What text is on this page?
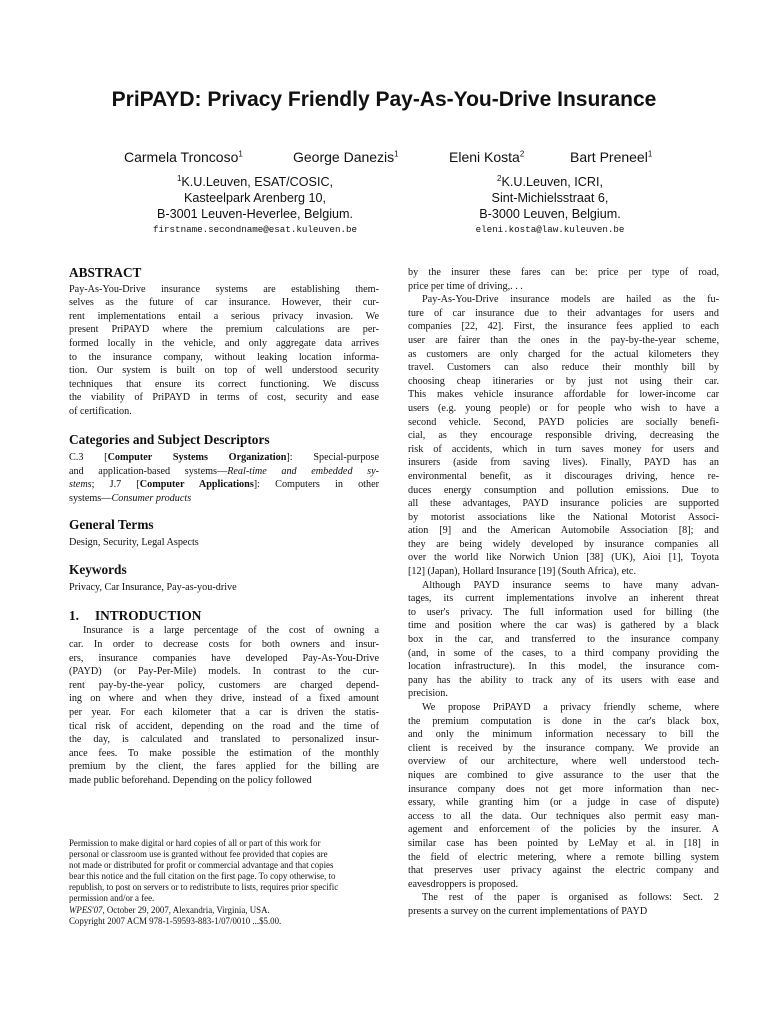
PriPAYD: Privacy Friendly Pay-As-You-Drive Insurance
Carmela Troncoso$^1$	George Danezis$^1$	Eleni Kosta$^2$	Bart Preneel$^1$
$^1$K.U.Leuven, ESAT/COSIC,
Kasteelpark Arenberg 10,
B-3001 Leuven-Heverlee, Belgium.
firstname.secondname@esat.kuleuven.be
$^2$K.U.Leuven, ICRI,
Sint-Michielsstraat 6,
B-3000 Leuven, Belgium.
eleni.kosta@law.kuleuven.be
ABSTRACT
Pay-As-You-Drive insurance systems are establishing them-
selves as the future of car insurance. However, their cur-
rent implementations entail a serious privacy invasion. We
present PriPAYD where the premium calculations are per-
formed locally in the vehicle, and only aggregate data arrives
to the insurance company, without leaking location informa-
tion. Our system is built on top of well understood security
techniques that ensure its correct functioning. We discuss
the viability of PriPAYD in terms of cost, security and ease
of certification.
Categories and Subject Descriptors
C.3 [Computer Systems Organization]: Special-purpose
and application-based systems—Real-time and embedded sy-
stems; J.7 [Computer Applications]: Computers in other
systems—Consumer products
General Terms
Design, Security, Legal Aspects
Keywords
Privacy, Car Insurance, Pay-as-you-drive
1. INTRODUCTION
Insurance is a large percentage of the cost of owning a
car. In order to decrease costs for both owners and insur-
ers, insurance companies have developed Pay-As-You-Drive
(PAYD) (or Pay-Per-Mile) models. In contrast to the cur-
rent pay-by-the-year policy, customers are charged depend-
ing on where and when they drive, instead of a fixed amount
per year. For each kilometer that a car is driven the statis-
tical risk of accident, depending on the road and the time of
the day, is calculated and translated to personalized insur-
ance fees. To make possible the estimation of the monthly
premium by the client, the fares applied for the billing are
made public beforehand. Depending on the policy followed
Permission to make digital or hard copies of all or part of this work for
personal or classroom use is granted without fee provided that copies are
not made or distributed for profit or commercial advantage and that copies
bear this notice and the full citation on the first page. To copy otherwise, to
republish, to post on servers or to redistribute to lists, requires prior specific
permission and/or a fee.
WPES'07, October 29, 2007, Alexandria, Virginia, USA.
Copyright 2007 ACM 978-1-59593-883-1/07/0010 ...$5.00.
by the insurer these fares can be: price per type of road,
price per time of driving,. . .
Pay-As-You-Drive insurance models are hailed as the fu-
ture of car insurance due to their advantages for users and
companies [22, 42]. First, the insurance fees applied to each
user are fairer than the ones in the pay-by-the-year scheme,
as customers are only charged for the actual kilometers they
travel. Customers can also reduce their monthly bill by
choosing cheap itineraries or by just not using their car.
This makes vehicle insurance affordable for lower-income car
users (e.g. young people) or for people who wish to have a
second vehicle. Second, PAYD policies are socially benefi-
cial, as they encourage responsible driving, decreasing the
risk of accidents, which in turn saves money for users and
insurers (aside from saving lives). Finally, PAYD has an
environmental benefit, as it discourages driving, hence re-
duces energy consumption and pollution emissions. Due to
all these advantages, PAYD insurance policies are supported
by motorist associations like the National Motorist Associ-
ation [9] and the American Automobile Association [8]; and
they are being widely developed by insurance companies all
over the world like Norwich Union [38] (UK), Aioi [1], Toyota
[12] (Japan), Hollard Insurance [19] (South Africa), etc.
Although PAYD insurance seems to have many advan-
tages, its current implementations involve an inherent threat
to user's privacy. The full information used for billing (the
time and position where the car was) is gathered by a black
box in the car, and transferred to the insurance company
(and, in some of the cases, to a third company providing the
location infrastructure). In this model, the insurance com-
pany has the ability to track any of its users with ease and
precision.
We propose PriPAYD a privacy friendly scheme, where
the premium computation is done in the car's black box,
and only the minimum information necessary to bill the
client is received by the insurance company. We provide an
overview of our architecture, where well understood tech-
niques are combined to give assurance to the user that the
insurance company does not get more information than nec-
essary, while granting him (or a judge in case of dispute)
access to all the data. Our techniques also permit easy man-
agement and enforcement of the policies by the insurer. A
similar case has been pointed by LeMay et al. in [18] in
the field of electric metering, where a remote billing system
that preserves user privacy against the electric company and
eavesdroppers is proposed.
The rest of the paper is organised as follows: Sect. 2
presents a survey on the current implementations of PAYD
